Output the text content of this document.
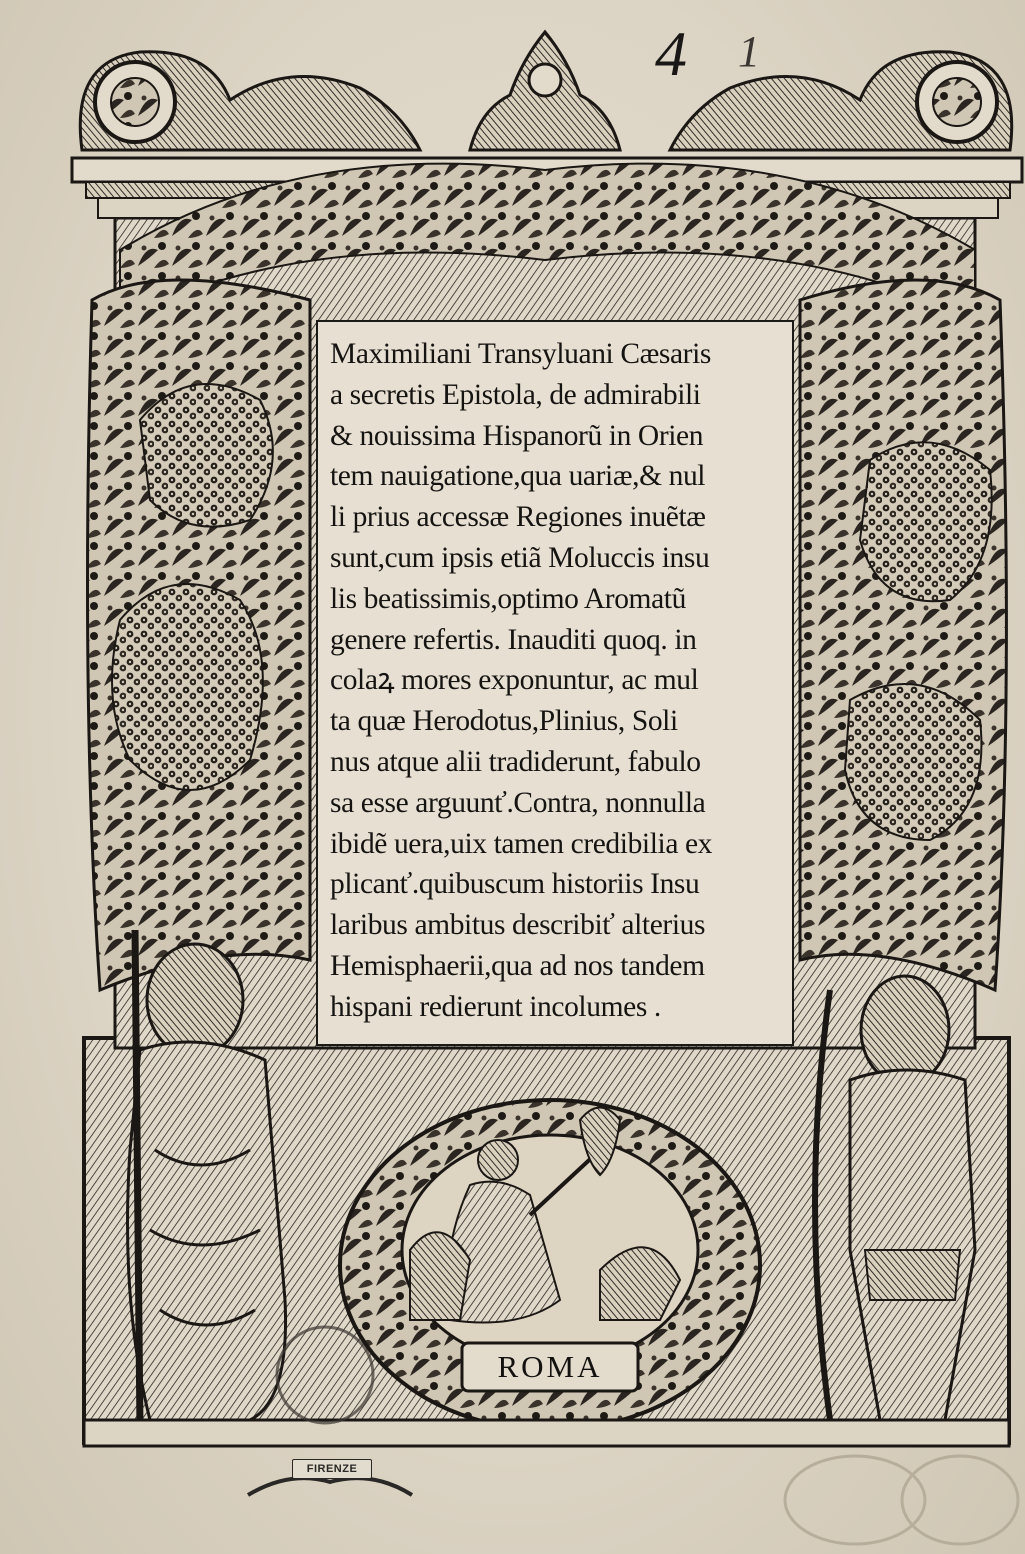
Maximiliani Transyluani Cæsaris
a secretis Epistola, de admirabili
& nouissima Hispanorũ in Orien
tem nauigatione,qua uariæ,& nul
li prius accessæ Regiones inuẽtæ
sunt,cum ipsis etiã Moluccis insu
lis beatissimis,optimo Aromatũ
genere refertis. Inauditi quoq. in
colaꝝ mores exponuntur, ac mul
ta quæ Herodotus,Plinius, Soli
nus atque alii tradiderunt, fabulo
sa esse arguunť.Contra, nonnulla
ibidẽ uera,uix tamen credibilia ex
plicanť.quibuscum historiis Insu
laribus ambitus describiť alterius
Hemisphaerii,qua ad nos tandem
hispani redierunt incolumes .
ROMA
4 1
FIRENZE
